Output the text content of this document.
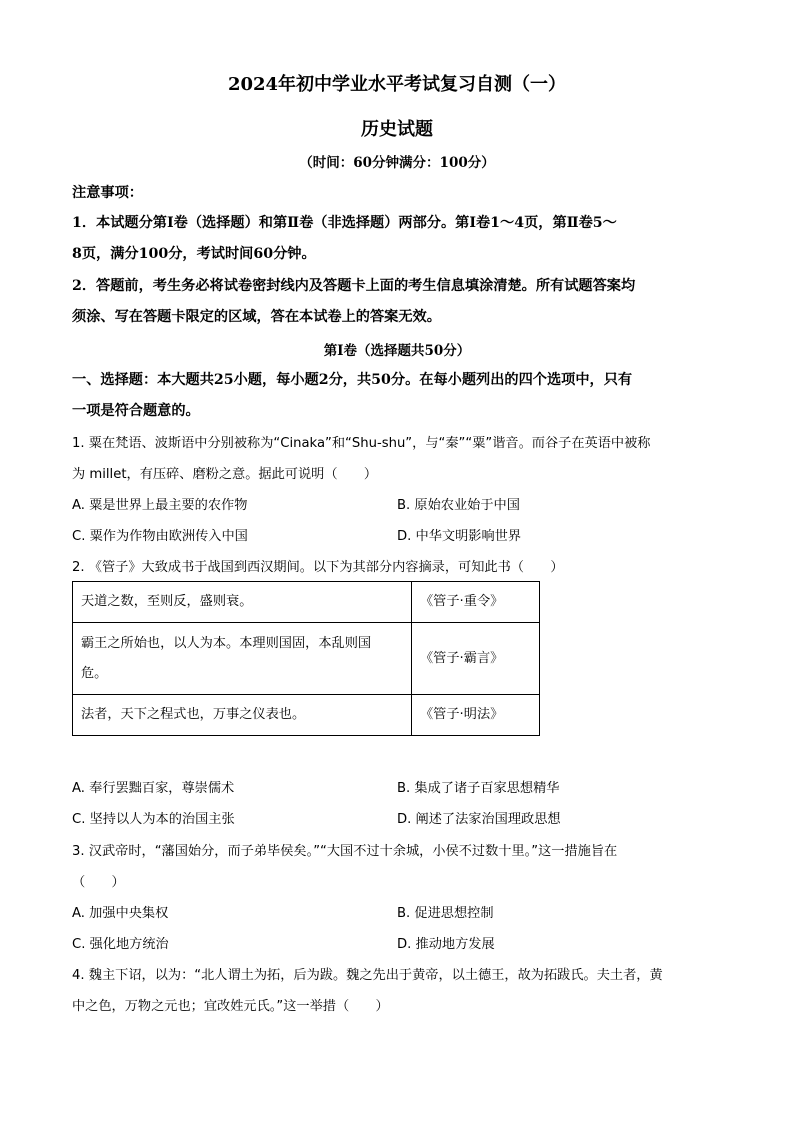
2024年初中学业水平考试复习自测（一）
历史试题
（时间：60分钟满分：100分）
注意事项：
1．本试题分第Ⅰ卷（选择题）和第Ⅱ卷（非选择题）两部分。第Ⅰ卷1～4页，第Ⅱ卷5～
8页，满分100分，考试时间60分钟。
2．答题前，考生务必将试卷密封线内及答题卡上面的考生信息填涂清楚。所有试题答案均
须涂、写在答题卡限定的区域，答在本试卷上的答案无效。
第Ⅰ卷（选择题共50分）
一、选择题：本大题共25小题，每小题2分，共50分。在每小题列出的四个选项中，只有
一项是符合题意的。
1. 粟在梵语、波斯语中分别被称为“Cinaka”和“Shu-shu”，与“秦”“粟”谐音。而谷子在英语中被称
为 millet，有压碎、磨粉之意。据此可说明（　　）
A. 粟是世界上最主要的农作物	B. 原始农业始于中国
C. 粟作为作物由欧洲传入中国	D. 中华文明影响世界
2. 《管子》大致成书于战国到西汉期间。以下为其部分内容摘录，可知此书（　　）
天道之数，至则反，盛则衰。	《管子·重令》

霸王之所始也，以人为本。本理则国固，本乱则国
危。	《管子·霸言》
法者，天下之程式也，万事之仪表也。	《管子·明法》
A. 奉行罢黜百家，尊崇儒术	B. 集成了诸子百家思想精华
C. 坚持以人为本的治国主张	D. 阐述了法家治国理政思想
3. 汉武帝时，“藩国始分，而子弟毕侯矣。”“大国不过十余城，小侯不过数十里。”这一措施旨在
（　　）
A. 加强中央集权	B. 促进思想控制
C. 强化地方统治	D. 推动地方发展
4. 魏主下诏，以为：“北人谓土为拓，后为跋。魏之先出于黄帝，以土德王，故为拓跋氏。夫土者，黄
中之色，万物之元也；宜改姓元氏。”这一举措（　　）
